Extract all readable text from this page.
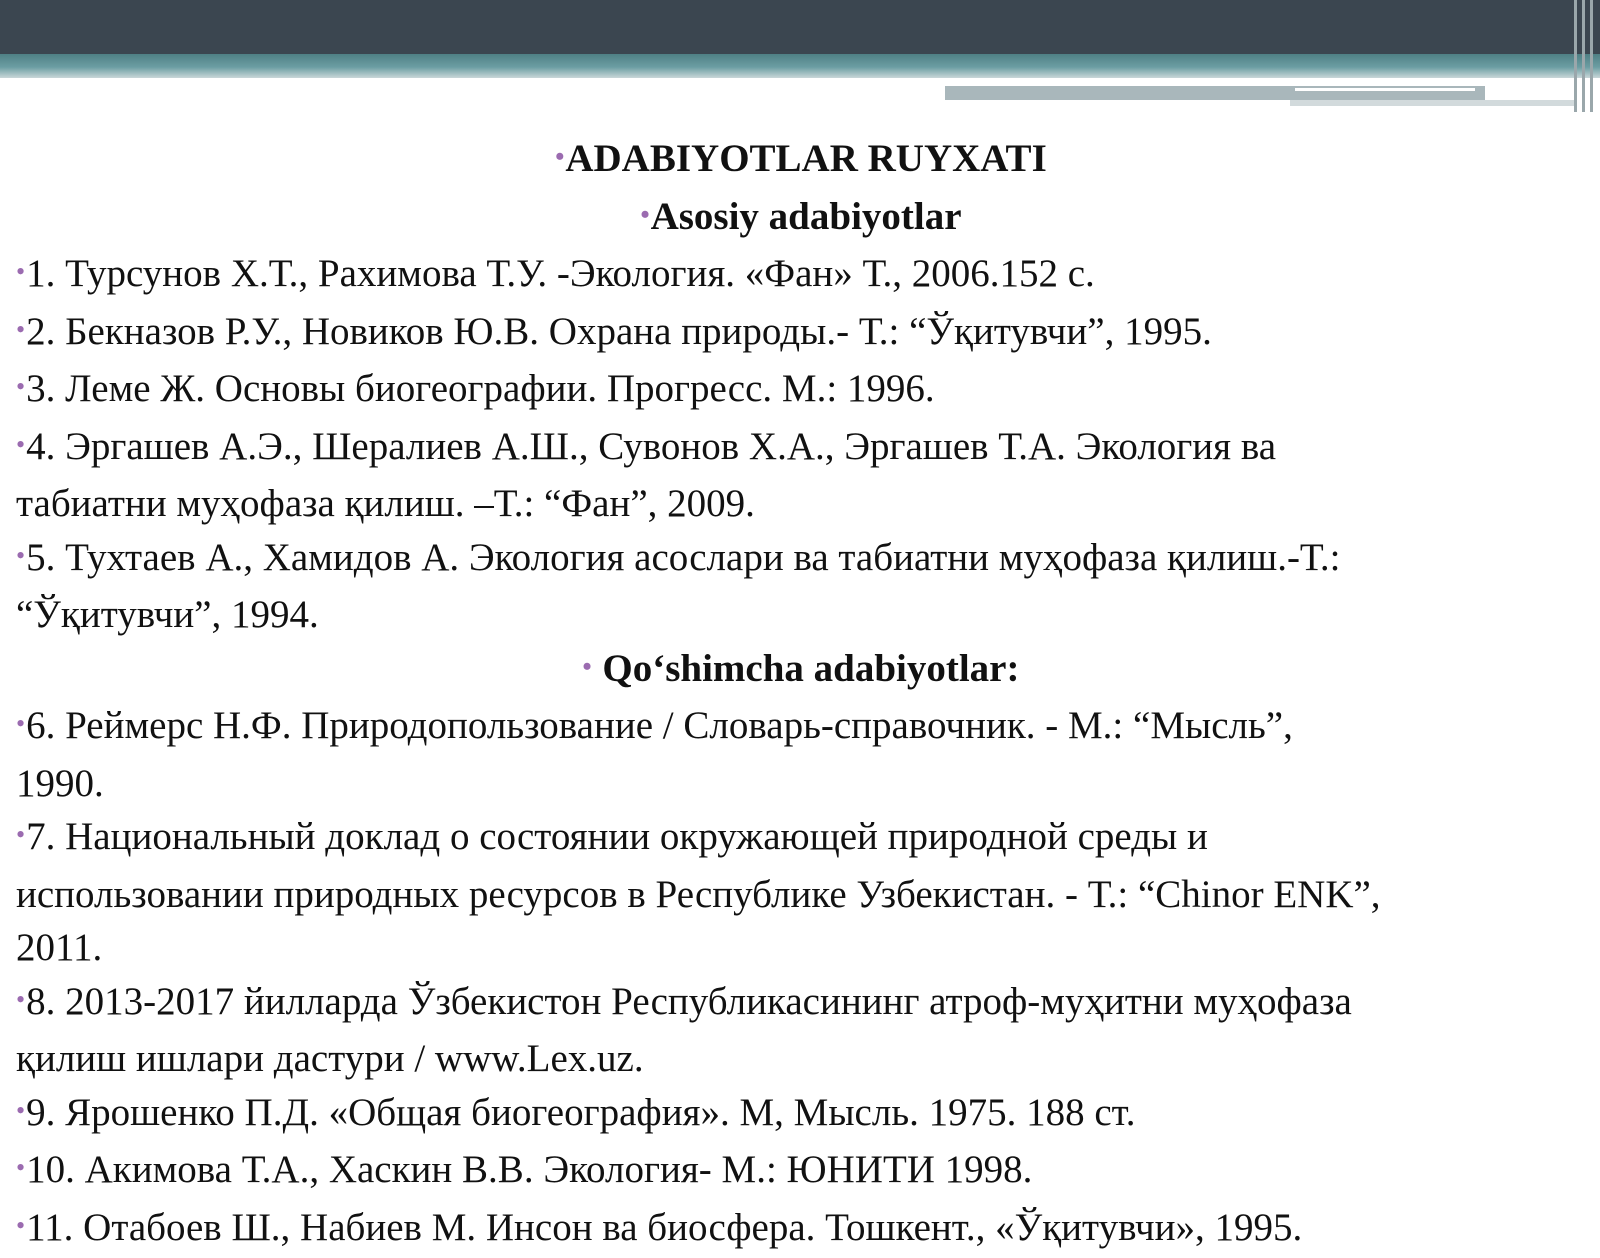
•ADABIYOTLAR RUYXATI
•Asosiy adabiyotlar
•1. Турсунов Х.Т., Рахимова Т.У. -Экология. «Фан» Т., 2006.152 с.
•2. Бекназов Р.У., Новиков Ю.В. Охрана природы.- Т.: “Ўқитувчи”, 1995.
•3. Леме Ж. Основы биогеографии. Прогресс. М.: 1996.
•4. Эргашев А.Э., Шералиев А.Ш., Сувонов Х.А., Эргашев Т.А. Экология ва
табиатни муҳофаза қилиш. –Т.: “Фан”, 2009.
•5. Тухтаев А., Хамидов А. Экология асослари ва табиатни муҳофаза қилиш.-Т.:
“Ўқитувчи”, 1994.
• Qo‘shimcha adabiyotlar:
•6. Реймерс Н.Ф. Природопользование / Словарь-справочник. - М.: “Мысль”,
1990.
•7. Национальный доклад о состоянии окружающей природной среды и
использовании природных ресурсов в Республике Узбекистан. - Т.: “Chinor ENK”,
2011.
•8. 2013-2017 йилларда Ўзбекистон Республикасининг атроф-муҳитни муҳофаза
қилиш ишлари дастури / www.Lex.uz.
•9. Ярошенко П.Д. «Общая биогеография». М, Мысль. 1975. 188 ст.
•10. Акимова Т.А., Хаскин В.В. Экология- М.: ЮНИТИ 1998.
•11. Отабоев Ш., Набиев М. Инсон ва биосфера. Тошкент., «Ўқитувчи», 1995.
